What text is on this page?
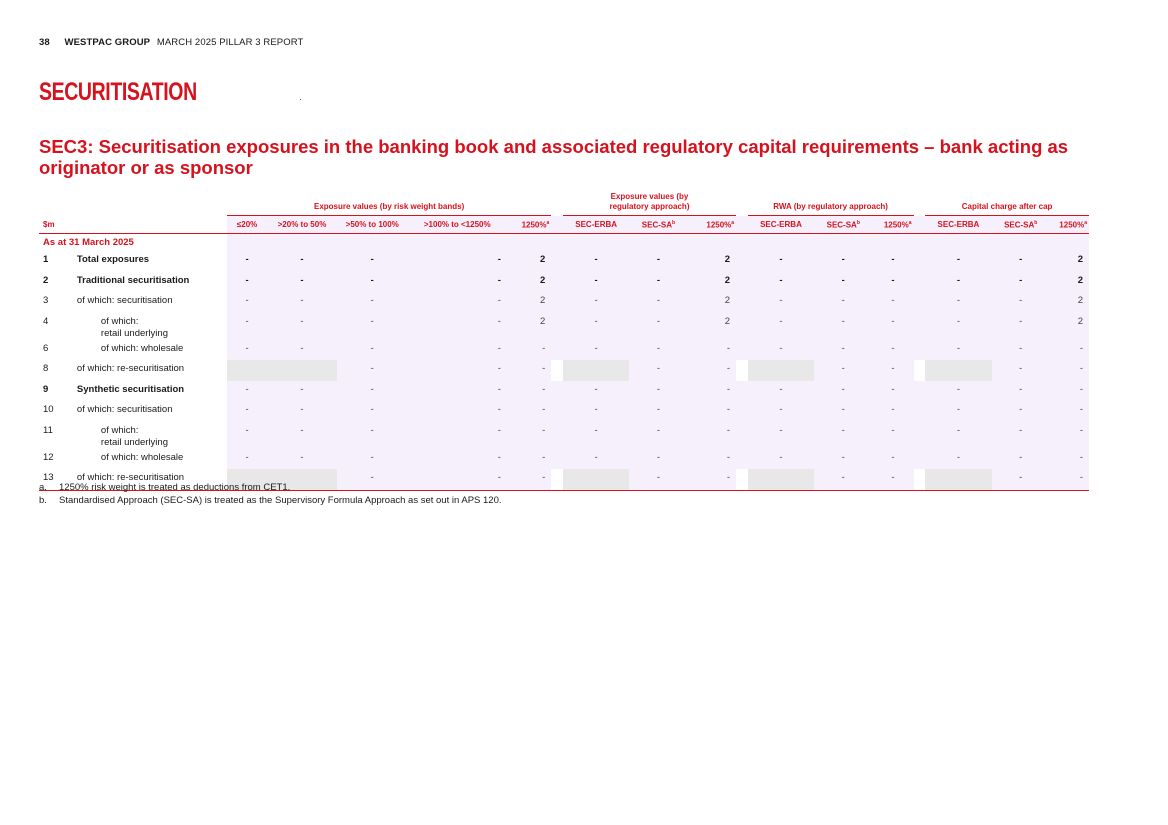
38 WESTPAC GROUP MARCH 2025 PILLAR 3 REPORT
SECURITISATION
SEC3: Securitisation exposures in the banking book and associated regulatory capital requirements – bank acting as originator or as sponsor
		Exposure values (by risk weight bands)						Exposure values (by
regulatory approach)				RWA (by regulatory approach)				Capital charge after cap		
$m		≤20%	>20% to 50%	>50% to 100%	>100% to <1250%	1250%$^a$		SEC-ERBA	SEC-$SA^b$	1250%$^a$		SEC-ERBA	SEC-$SA^b$	1250%$^a$		SEC-ERBA	SEC-$SA^b$	1250%$^a$
As at 31 March 2025																		
1	Total exposures	-	-	-	-	2		-	-	2		-	-	-		-	-	2
2	Traditional securitisation	-	-	-	-	2		-	-	2		-	-	-		-	-	2
3	of which: securitisation	-	-	-	-	2		-	-	2		-	-	-		-	-	2
4	of which:
retail underlying	-	-	-	-	2		-	-	2		-	-	-		-	-	2
6	of which: wholesale	-	-	-	-	-		-	-	-		-	-	-		-	-	-
8	of which: re-securitisation			-	-	-			-	-			-	-			-	-
9	Synthetic securitisation	-	-	-	-	-		-	-	-		-	-	-		-	-	-
10	of which: securitisation	-	-	-	-	-		-	-	-		-	-	-		-	-	-
11	of which:
retail underlying	-	-	-	-	-		-	-	-		-	-	-		-	-	-
12	of which: wholesale	-	-	-	-	-		-	-	-		-	-	-		-	-	-
13	of which: re-securitisation			-	-	-			-	-			-	-			-	-
a. 1250% risk weight is treated as deductions from CET1.
b. Standardised Approach (SEC-SA) is treated as the Supervisory Formula Approach as set out in APS 120.
